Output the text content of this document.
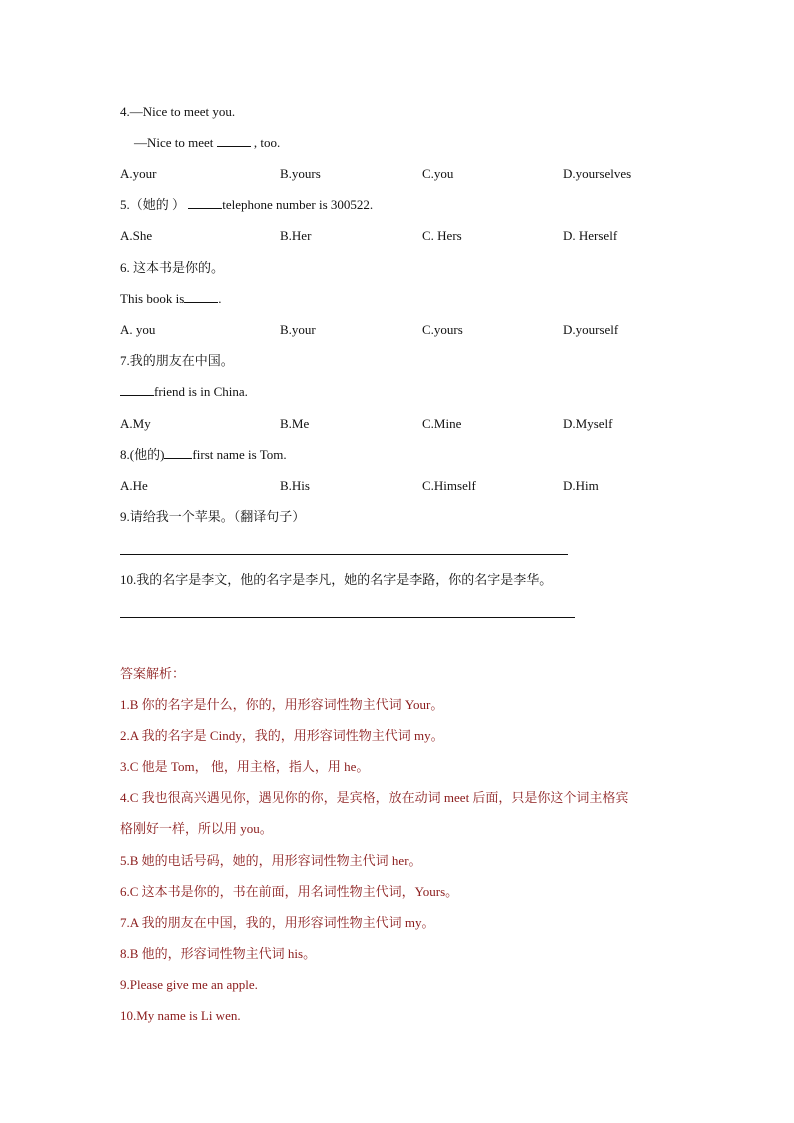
4.—Nice to meet you.
—Nice to meet	, too.
A.your	B.yours	C.you	D.yourselves
5.（她的 ）	telephone number is 300522.
A.She	B.Her	C. Hers	D. Herself
6. 这本书是你的。
This book is	.
A. you	B.your	C.yours	D.yourself
7.我的朋友在中国。
friend is in China.
A.My	B.Me	C.Mine	D.Myself
8.(他的) first name is Tom.
A.He	B.His	C.Himself	D.Him
9.请给我一个苹果。（翻译句子）
10.我的名字是李文，他的名字是李凡，她的名字是李路，你的名字是李华。
答案解析：
1.B 你的名字是什么，你的，用形容词性物主代词 Your。
2.A 我的名字是 Cindy，我的，用形容词性物主代词 my。
3.C 他是 Tom， 他，用主格，指人，用 he。
4.C 我也很高兴遇见你，遇见你的你，是宾格，放在动词 meet 后面，只是你这个词主格宾
格刚好一样，所以用 you。
5.B 她的电话号码，她的，用形容词性物主代词 her。
6.C 这本书是你的，书在前面，用名词性物主代词，Yours。
7.A 我的朋友在中国，我的，用形容词性物主代词 my。
8.B 他的，形容词性物主代词 his。
9.Please give me an apple.
10.My name is Li wen.
